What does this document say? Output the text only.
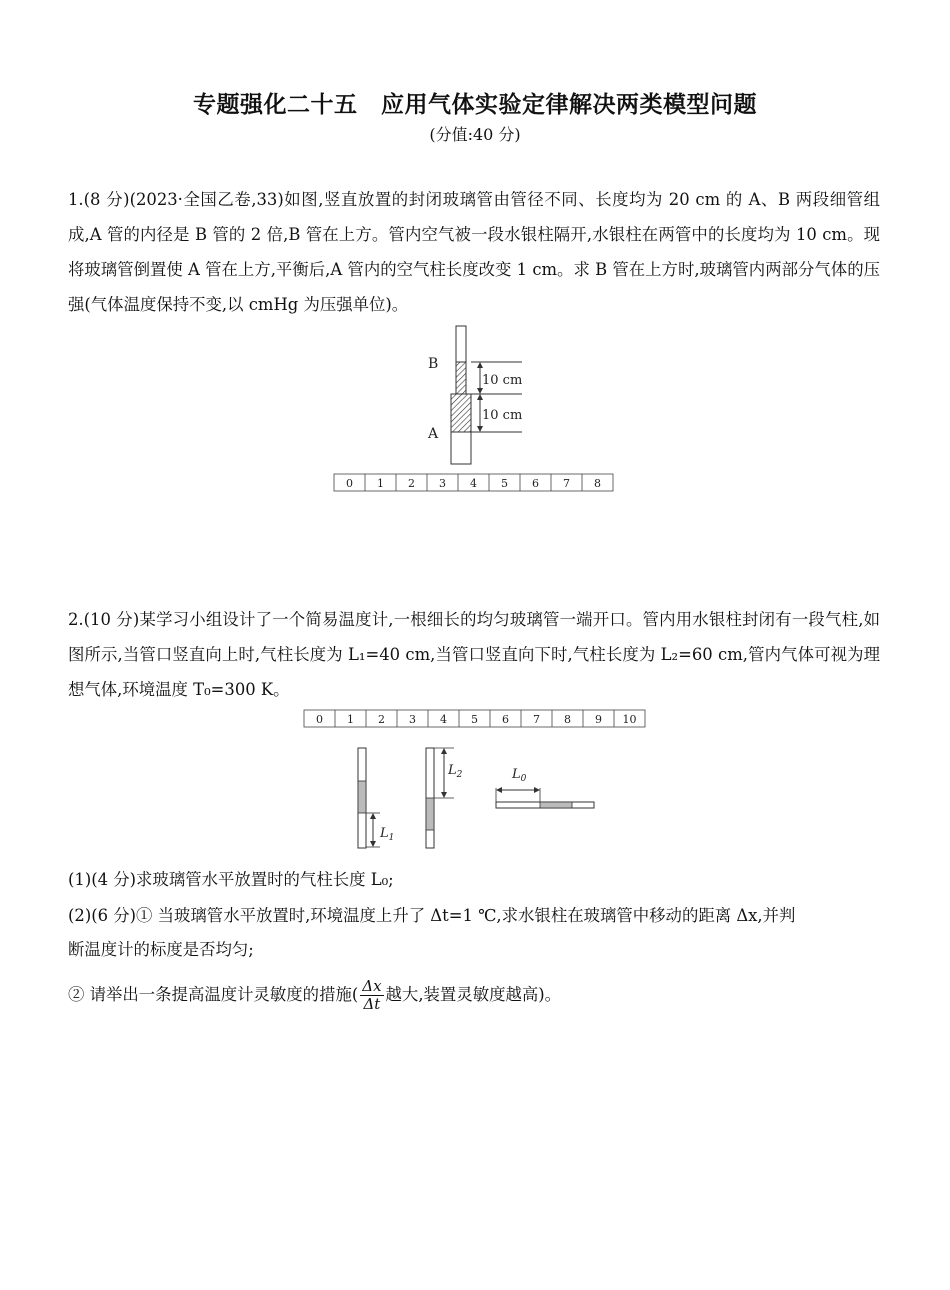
专题强化二十五　应用气体实验定律解决两类模型问题
(分值:40 分)
1.(8 分)(2023·全国乙卷,33)如图,竖直放置的封闭玻璃管由管径不同、长度均为 20 cm 的 A、B 两段细管组成,A 管的内径是 B 管的 2 倍,B 管在上方。管内空气被一段水银柱隔开,水银柱在两管中的长度均为 10 cm。现将玻璃管倒置使 A 管在上方,平衡后,A 管内的空气柱长度改变 1 cm。求 B 管在上方时,玻璃管内两部分气体的压强(气体温度保持不变,以 cmHg 为压强单位)。
10 cm
10 cm
B
A
0 1 2 3 4 5 6 7 8
2.(10 分)某学习小组设计了一个简易温度计,一根细长的均匀玻璃管一端开口。管内用水银柱封闭有一段气柱,如图所示,当管口竖直向上时,气柱长度为 L₁=40 cm,当管口竖直向下时,气柱长度为 L₂=60 cm,管内气体可视为理想气体,环境温度 T₀=300 K。
0 1 2 3 4 5 6 7 8 9 10
$L_1$
$L_2$	$L_0$
(1)(4 分)求玻璃管水平放置时的气柱长度 L₀;
(2)(6 分)① 当玻璃管水平放置时,环境温度上升了 Δt=1 ℃,求水银柱在玻璃管中移动的距离 Δx,并判
断温度计的标度是否均匀;
② 请举出一条提高温度计灵敏度的措施( $\frac{\Delta x}{\Delta t}$ 越大,装置灵敏度越高)。
